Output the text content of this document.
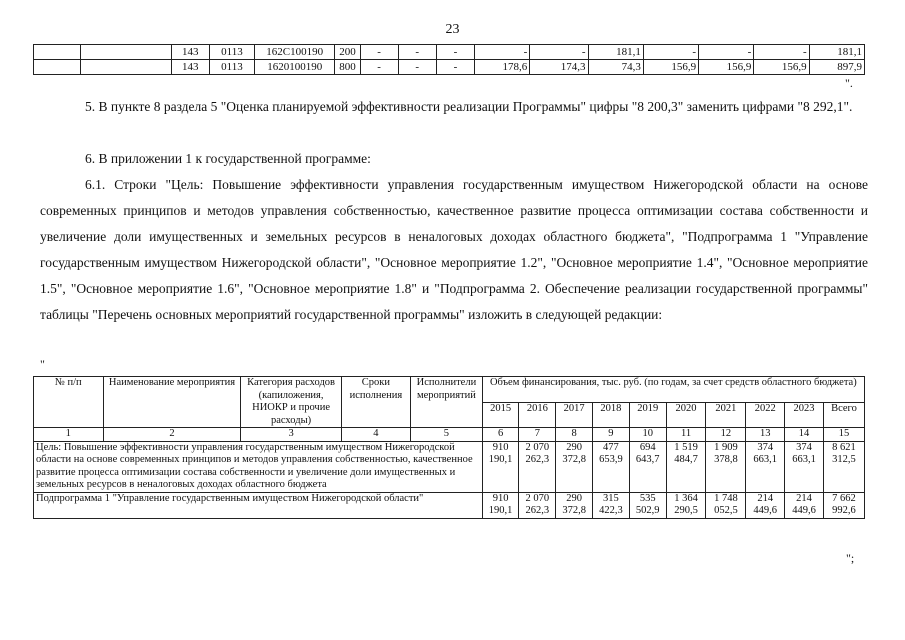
23
		143	0113	162С100190	200	-	-	-	-	-	181,1	-	-	-	181,1
		143	0113	1620100190	800	-	-	-	178,6	174,3	74,3	156,9	156,9	156,9	897,9
".
5. В пункте 8 раздела 5 "Оценка планируемой эффективности реализации Программы" цифры "8 200,3" заменить цифрами "8 292,1".
6. В приложении 1 к государственной программе:
6.1. Строки "Цель: Повышение эффективности управления государственным имуществом Нижегородской области на основе современных принципов и методов управления собственностью, качественное развитие процесса оптимизации состава собственности и увеличение доли имущественных и земельных ресурсов в неналоговых доходах областного бюджета", "Подпрограмма 1 "Управление государственным имуществом Нижегородской области", "Основное мероприятие 1.2", "Основное мероприятие 1.4", "Основное мероприятие 1.5", "Основное мероприятие 1.6", "Основное мероприятие 1.8" и "Подпрограмма 2. Обеспечение реализации государственной программы" таблицы "Перечень основных мероприятий государственной программы" изложить в следующей редакции:
"
№ п/п	Наименование мероприятия	Категория расходов (капиложения, НИОКР и прочие расходы)	Сроки исполнения	Исполнители мероприятий	Объем финансирования, тыс. руб. (по годам, за счет средств областного бюджета)									
					2015	2016	2017	2018	2019	2020	2021	2022	2023	Всего
1	2	3	4	5	6	7	8	9	10	11	12	13	14	15
Цель: Повышение эффективности управления государственным имуществом Нижегородской области на основе современных принципов и методов управления собственностью, качественное развитие процесса оптимизации состава собственности и увеличение доли имущественных и земельных ресурсов в неналоговых доходах областного бюджета					910 190,1	2 070 262,3	290 372,8	477 653,9	694 643,7	1 519 484,7	1 909 378,8	374 663,1	374 663,1	8 621 312,5
Подпрограмма 1 "Управление государственным имуществом Нижегородской области"					910 190,1	2 070 262,3	290 372,8	315 422,3	535 502,9	1 364 290,5	1 748 052,5	214 449,6	214 449,6	7 662 992,6
";
